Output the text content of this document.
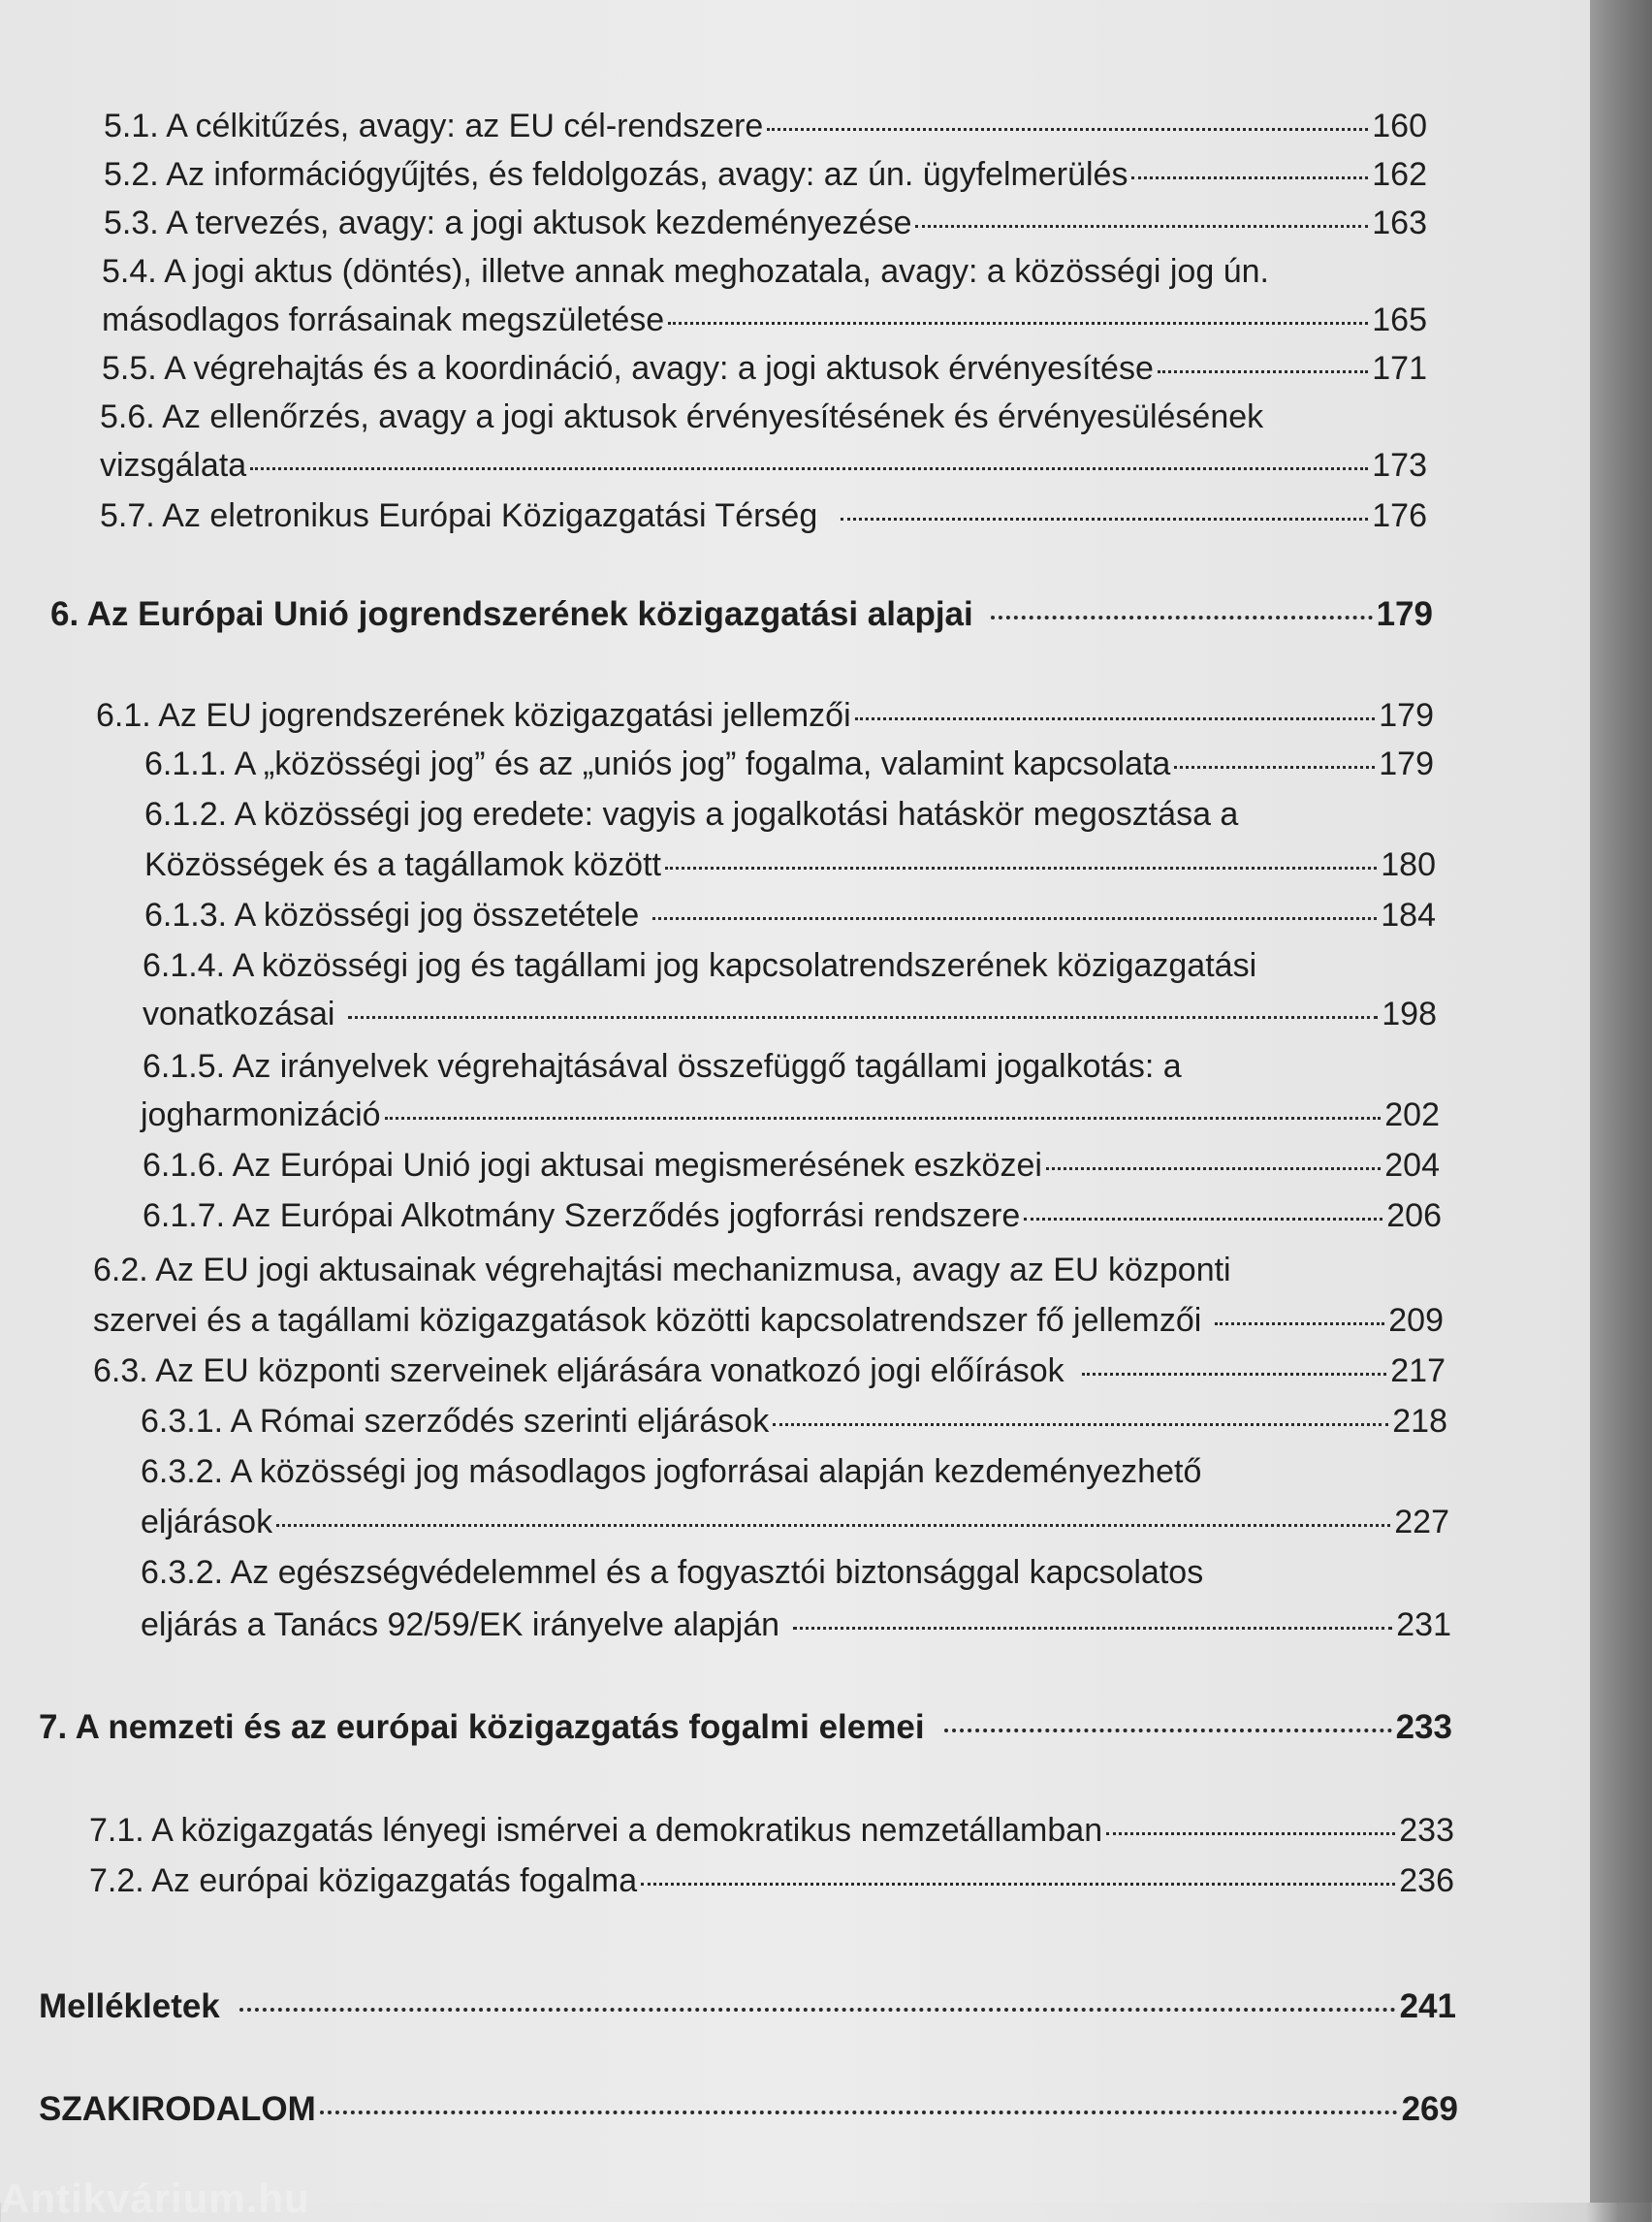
5.1. A célkitűzés, avagy: az EU cél-rendszere	160
5.2. Az információgyűjtés, és feldolgozás, avagy: az ún. ügyfelmerülés	162
5.3. A tervezés, avagy: a jogi aktusok kezdeményezése	163
5.4. A jogi aktus (döntés), illetve annak meghozatala, avagy: a közösségi jog ún.
másodlagos forrásainak megszületése	165
5.5. A végrehajtás és a koordináció, avagy: a jogi aktusok érvényesítése	171
5.6. Az ellenőrzés, avagy a jogi aktusok érvényesítésének és érvényesülésének
vizsgálata	173
5.7. Az eletronikus Európai Közigazgatási Térség	176
6. Az Európai Unió jogrendszerének közigazgatási alapjai	179
6.1. Az EU jogrendszerének közigazgatási jellemzői	179
6.1.1. A „közösségi jog” és az „uniós jog” fogalma, valamint kapcsolata	179
6.1.2. A közösségi jog eredete: vagyis a jogalkotási hatáskör megosztása a
Közösségek és a tagállamok között	180
6.1.3. A közösségi jog összetétele	184
6.1.4. A közösségi jog és tagállami jog kapcsolatrendszerének közigazgatási
vonatkozásai	198
6.1.5. Az irányelvek végrehajtásával összefüggő tagállami jogalkotás: a
jogharmonizáció	202
6.1.6. Az Európai Unió jogi aktusai megismerésének eszközei	204
6.1.7. Az Európai Alkotmány Szerződés jogforrási rendszere	206
6.2. Az EU jogi aktusainak végrehajtási mechanizmusa, avagy az EU központi
szervei és a tagállami közigazgatások közötti kapcsolatrendszer fő jellemzői	209
6.3. Az EU központi szerveinek eljárására vonatkozó jogi előírások	217
6.3.1. A Római szerződés szerinti eljárások	218
6.3.2. A közösségi jog másodlagos jogforrásai alapján kezdeményezhető
eljárások	227
6.3.2. Az egészségvédelemmel és a fogyasztói biztonsággal kapcsolatos
eljárás a Tanács 92/59/EK irányelve alapján	231
7. A nemzeti és az európai közigazgatás fogalmi elemei	233
7.1. A közigazgatás lényegi ismérvei a demokratikus nemzetállamban	233
7.2. Az európai közigazgatás fogalma	236
Mellékletek	241
SZAKIRODALOM	269
Antikvárium.hu
